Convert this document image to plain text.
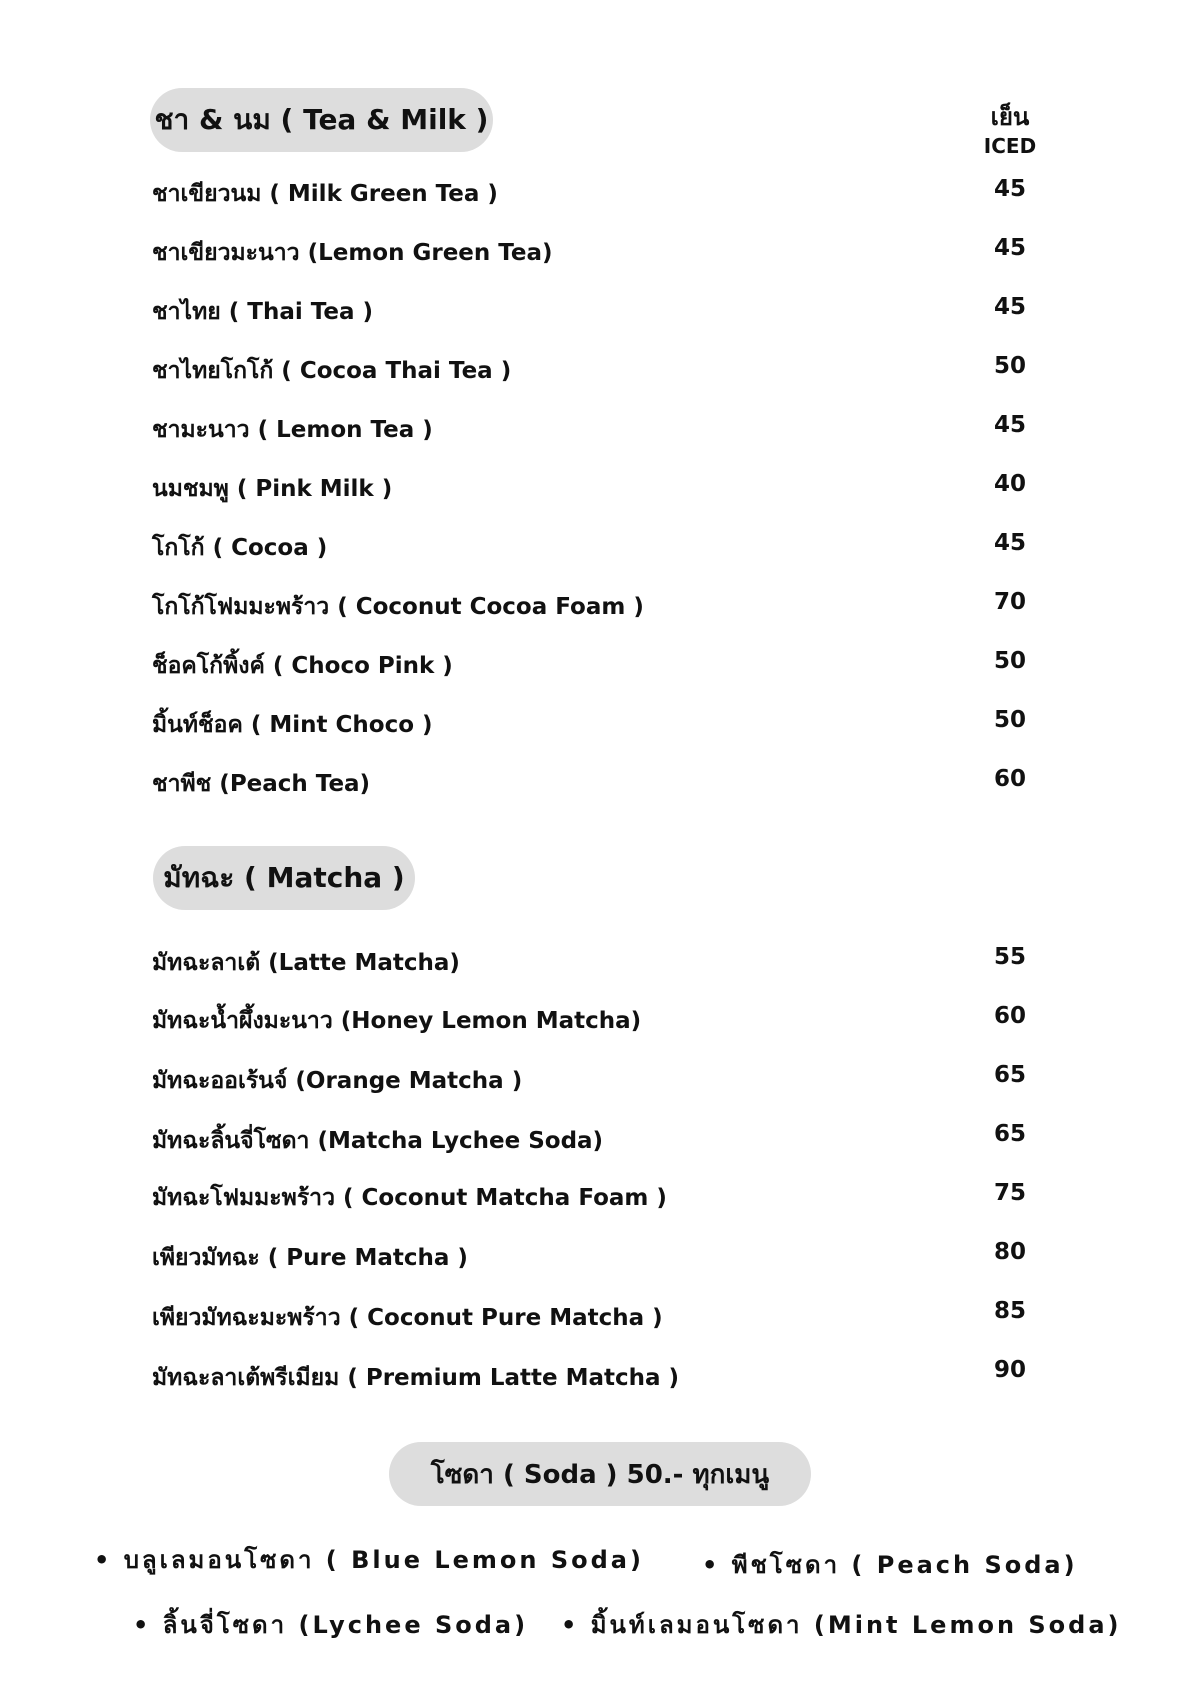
ชา & นม ( Tea & Milk )	เย็น
ICED
ชาเขียวนม ( Milk Green Tea )	45
ชาเขียวมะนาว (Lemon Green Tea)	45
ชาไทย ( Thai Tea )	45
ชาไทยโกโก้ ( Cocoa Thai Tea )	50
ชามะนาว ( Lemon Tea )	45
นมชมพู ( Pink Milk )	40
โกโก้ ( Cocoa )	45
โกโก้โฟมมะพร้าว ( Coconut Cocoa Foam )	70
ช็อคโก้พิ้งค์ ( Choco Pink )	50
มิ้นท์ช็อค ( Mint Choco )	50
ชาพีช (Peach Tea)	60
มัทฉะ ( Matcha )
มัทฉะลาเต้ (Latte Matcha)	55
มัทฉะน้ำผึ้งมะนาว (Honey Lemon Matcha)	60
มัทฉะออเร้นจ์ (Orange Matcha )	65
มัทฉะลิ้นจี่โซดา (Matcha Lychee Soda)	65
มัทฉะโฟมมะพร้าว ( Coconut Matcha Foam )	75
เพียวมัทฉะ ( Pure Matcha )	80
เพียวมัทฉะมะพร้าว ( Coconut Pure Matcha )	85
มัทฉะลาเต้พรีเมียม ( Premium Latte Matcha )	90
โซดา ( Soda ) 50.- ทุกเมนู
• บลูเลมอนโซดา ( Blue Lemon Soda) • พีชโซดา ( Peach Soda)
• ลิ้นจี่โซดา (Lychee Soda) • มิ้นท์เลมอนโซดา (Mint Lemon Soda)
